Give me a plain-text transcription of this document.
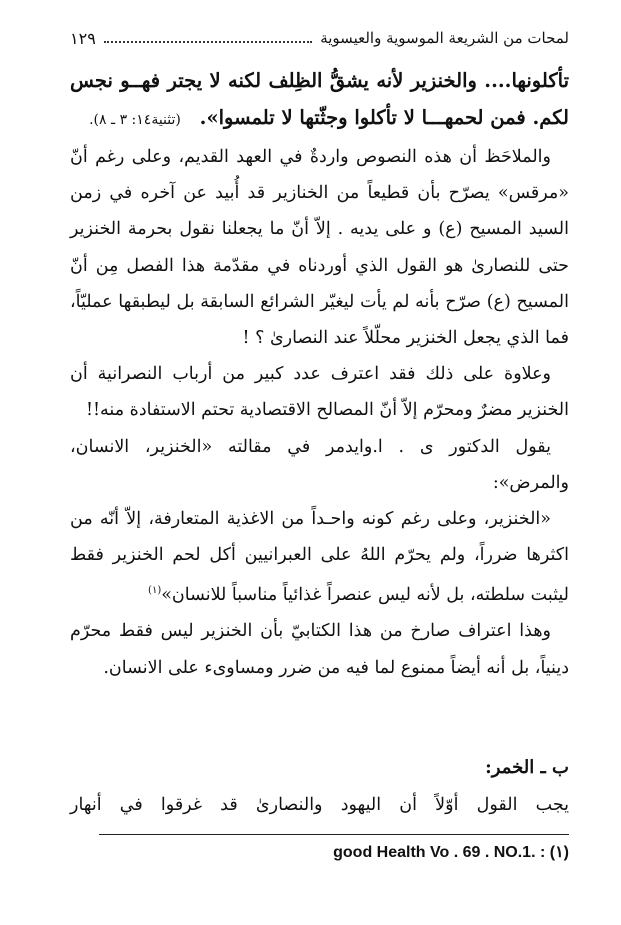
لمحات من الشريعة الموسوية والعيسوية
١٢٩

تأكلونها.... والخنزير لأنه يشقُّ الظِلف لكنه لا يجتر فهــو نجس لكم. فمن لحمهـــا لا تأكلوا وجثّتها لا تلمسوا». (تثنية١٤: ٣ ـ ٨).

والملاحَظ أن هذه النصوص واردةٌ في العهد القديم، وعلى رغم أنّ «مرقس» يصرّح بأن قطيعاً من الخنازير قد أُبيد عن آخره في زمن السيد المسيح (ع) و على يديه . إلاّ أنّ ما يجعلنا نقول بحرمة الخنزير حتى للنصارىٰ هو القول الذي أوردناه في مقدّمة هذا الفصل مِن أنّ المسيح (ع) صرّح بأنه لم يأت ليغيّر الشرائع السابقة بل ليطبقها عمليّاً، فما الذي يجعل الخنزير محلّلاً عند النصارىٰ ؟ !

وعلاوة على ذلك فقد اعترف عدد كبير من أرباب النصرانية أن الخنزير مضرٌ ومحرّم إلاّ أنّ المصالح الاقتصادية تحتم الاستفادة منه!!

يقول الدكتور ى . ا.وايدمر في مقالته «الخنزير، الانسان، والمرض»:

«الخنزير، وعلى رغم كونه واحـداً من الاغذية المتعارفة، إلاّ أنّه من اكثرها ضرراً، ولم يحرّم اللهُ على العبرانيين أكل لحم الخنزير فقط ليثبت سلطته، بل لأنه ليس عنصراً غذائياً مناسباً للانسان»$^{(١)}$

وهذا اعتراف صارخ من هذا الكتابيّ بأن الخنزير ليس فقط محرّم دينياً، بل أنه أيضاً ممنوع لما فيه من ضرر ومساوىء على الانسان.

ب ـ الخمر:
يجب القول أوّلاً أن اليهود والنصارىٰ قد غرقوا في أنهار
good Health Vo . 69 . NO.1. : (١)
